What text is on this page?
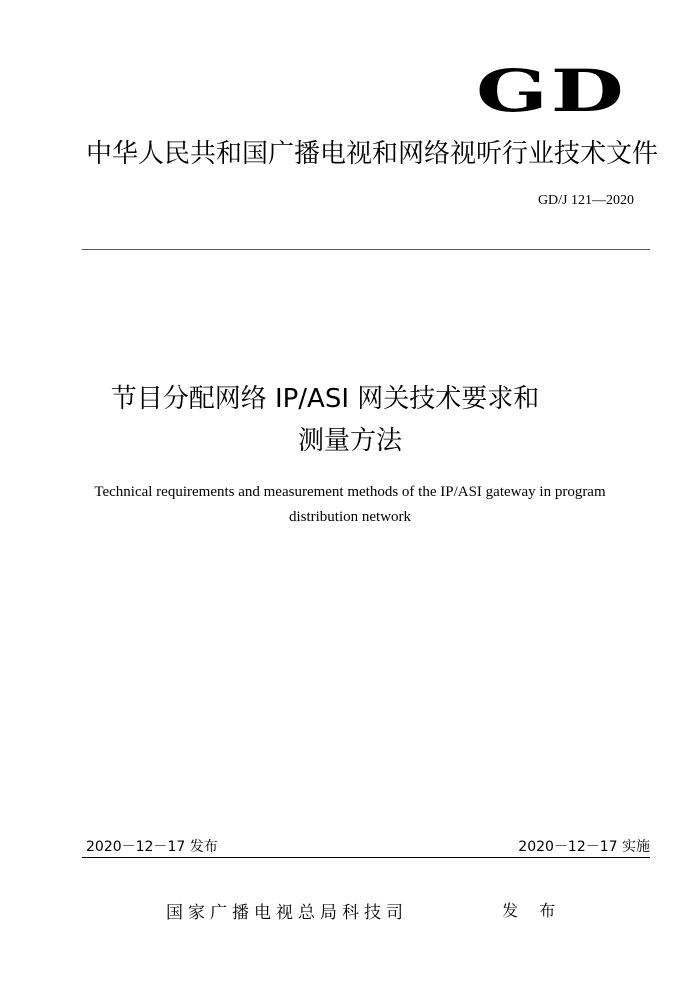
GD
中华人民共和国广播电视和网络视听行业技术文件
GD/J 121—2020
节目分配网络 IP/ASI 网关技术要求和
测量方法
Technical requirements and measurement methods of the IP/ASI gateway in program
distribution network
2020－12－17 发布	2020－12－17 实施
国家广播电视总局科技司	发 布
